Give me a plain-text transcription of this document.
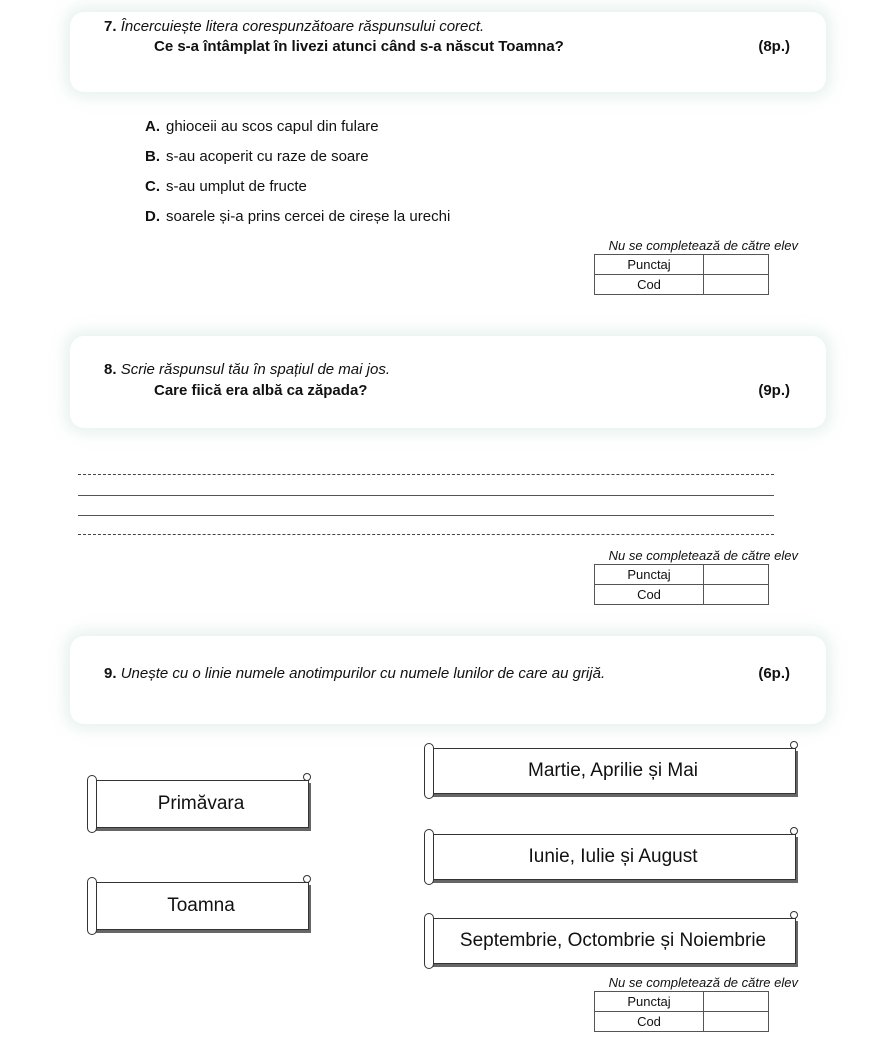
7. Încercuiește litera corespunzătoare răspunsului corect.
Ce s-a întâmplat în livezi atunci când s-a născut Toamna?	(8p.)
A. ghioceii au scos capul din fulare
B. s-au acoperit cu raze de soare
C. s-au umplut de fructe
D. soarele și-a prins cercei de cireșe la urechi
Nu se completează de către elev
Punctaj	
Cod	
8. Scrie răspunsul tău în spațiul de mai jos.
Care fiică era albă ca zăpada?	(9p.)
Nu se completează de către elev
Punctaj	
Cod	
9. Unește cu o linie numele anotimpurilor cu numele lunilor de care au grijă.	(6p.)
Primăvara
Toamna
Martie, Aprilie și Mai
Iunie, Iulie și August
Septembrie, Octombrie și Noiembrie
Nu se completează de către elev
Punctaj	
Cod	
